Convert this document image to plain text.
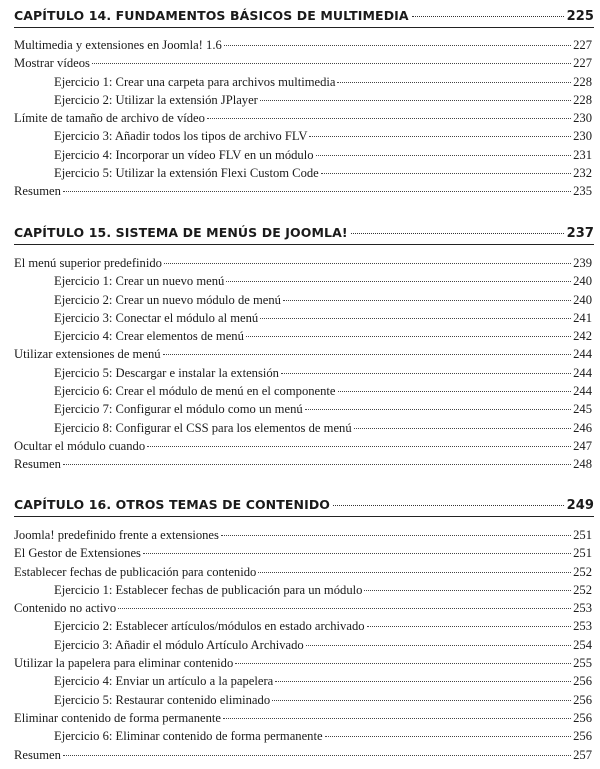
CAPÍTULO 14. FUNDAMENTOS BÁSICOS DE MULTIMEDIA	225
Multimedia y extensiones en Joomla! 1.6	227
Mostrar vídeos	227
Ejercicio 1: Crear una carpeta para archivos multimedia	228
Ejercicio 2: Utilizar la extensión JPlayer	228
Límite de tamaño de archivo de vídeo	230
Ejercicio 3: Añadir todos los tipos de archivo FLV	230
Ejercicio 4: Incorporar un vídeo FLV en un módulo	231
Ejercicio 5: Utilizar la extensión Flexi Custom Code	232
Resumen	235
CAPÍTULO 15. SISTEMA DE MENÚS DE JOOMLA!	237
El menú superior predefinido	239
Ejercicio 1: Crear un nuevo menú	240
Ejercicio 2: Crear un nuevo módulo de menú	240
Ejercicio 3: Conectar el módulo al menú	241
Ejercicio 4: Crear elementos de menú	242
Utilizar extensiones de menú	244
Ejercicio 5: Descargar e instalar la extensión	244
Ejercicio 6: Crear el módulo de menú en el componente	244
Ejercicio 7: Configurar el módulo como un menú	245
Ejercicio 8: Configurar el CSS para los elementos de menú	246
Ocultar el módulo cuando	247
Resumen	248
CAPÍTULO 16. OTROS TEMAS DE CONTENIDO	249
Joomla! predefinido frente a extensiones	251
El Gestor de Extensiones	251
Establecer fechas de publicación para contenido	252
Ejercicio 1: Establecer fechas de publicación para un módulo	252
Contenido no activo	253
Ejercicio 2: Establecer artículos/módulos en estado archivado	253
Ejercicio 3: Añadir el módulo Artículo Archivado	254
Utilizar la papelera para eliminar contenido	255
Ejercicio 4: Enviar un artículo a la papelera	256
Ejercicio 5: Restaurar contenido eliminado	256
Eliminar contenido de forma permanente	256
Ejercicio 6: Eliminar contenido de forma permanente	256
Resumen	257
